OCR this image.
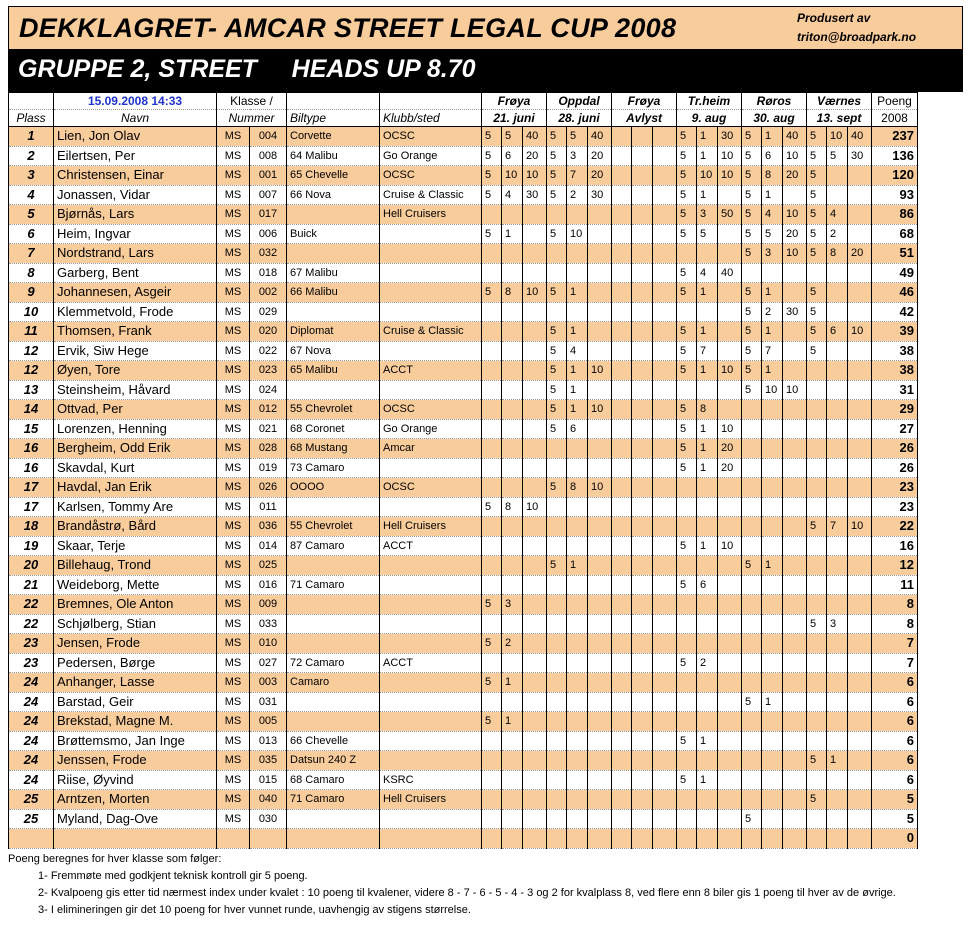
DEKKLAGRET- AMCAR STREET LEGAL CUP 2008	Produsert av
triton@broadpark.no
GRUPPE 2, STREET     HEADS UP 8.70
	15.09.2008 14:33	Klasse /				Frøya			Oppdal			Frøya			Tr.heim			Røros			Værnes			Poeng
Plass	Navn	Nummer		Biltype	Klubb/sted	21. juni			28. juni			Avlyst			9. aug			30. aug			13. sept			2008
1	Lien, Jon Olav	MS	004	Corvette	OCSC	5	5	40	5	5	40				5	1	30	5	1	40	5	10	40	237
2	Eilertsen, Per	MS	008	64 Malibu	Go Orange	5	6	20	5	3	20				5	1	10	5	6	10	5	5	30	136
3	Christensen, Einar	MS	001	65 Chevelle	OCSC	5	10	10	5	7	20				5	10	10	5	8	20	5			120
4	Jonassen, Vidar	MS	007	66 Nova	Cruise & Classic	5	4	30	5	2	30				5	1		5	1		5			93
5	Bjørnås, Lars	MS	017		Hell Cruisers										5	3	50	5	4	10	5	4		86
6	Heim, Ingvar	MS	006	Buick		5	1		5	10					5	5		5	5	20	5	2		68
7	Nordstrand, Lars	MS	032															5	3	10	5	8	20	51
8	Garberg, Bent	MS	018	67 Malibu											5	4	40							49
9	Johannesen, Asgeir	MS	002	66 Malibu		5	8	10	5	1					5	1		5	1		5			46
10	Klemmetvold, Frode	MS	029															5	2	30	5			42
11	Thomsen, Frank	MS	020	Diplomat	Cruise & Classic				5	1					5	1		5	1		5	6	10	39
12	Ervik, Siw Hege	MS	022	67 Nova					5	4					5	7		5	7		5			38
12	Øyen, Tore	MS	023	65 Malibu	ACCT				5	1	10				5	1	10	5	1					38
13	Steinsheim, Håvard	MS	024						5	1								5	10	10				31
14	Ottvad, Per	MS	012	55 Chevrolet	OCSC				5	1	10				5	8								29
15	Lorenzen, Henning	MS	021	68 Coronet	Go Orange				5	6					5	1	10							27
16	Bergheim, Odd Erik	MS	028	68 Mustang	Amcar										5	1	20							26
16	Skavdal, Kurt	MS	019	73 Camaro											5	1	20							26
17	Havdal, Jan Erik	MS	026	OOOO	OCSC				5	8	10													23
17	Karlsen, Tommy Are	MS	011			5	8	10																23
18	Brandåstrø, Bård	MS	036	55 Chevrolet	Hell Cruisers																5	7	10	22
19	Skaar, Terje	MS	014	87 Camaro	ACCT										5	1	10							16
20	Billehaug, Trond	MS	025						5	1								5	1					12
21	Weideborg, Mette	MS	016	71 Camaro											5	6								11
22	Bremnes, Ole Anton	MS	009			5	3																	8
22	Schjølberg, Stian	MS	033																		5	3		8
23	Jensen, Frode	MS	010			5	2																	7
23	Pedersen, Børge	MS	027	72 Camaro	ACCT										5	2								7
24	Anhanger, Lasse	MS	003	Camaro		5	1																	6
24	Barstad, Geir	MS	031															5	1					6
24	Brekstad, Magne M.	MS	005			5	1																	6
24	Brøttemsmo, Jan Inge	MS	013	66 Chevelle											5	1								6
24	Jenssen, Frode	MS	035	Datsun 240 Z																	5	1		6
24	Riise, Øyvind	MS	015	68 Camaro	KSRC										5	1								6
25	Arntzen, Morten	MS	040	71 Camaro	Hell Cruisers																5			5
25	Myland, Dag-Ove	MS	030															5						5
																								0
Poeng beregnes for hver klasse som følger:
1- Fremmøte med godkjent teknisk kontroll gir 5 poeng.
2- Kvalpoeng gis etter tid nærmest index under kvalet : 10 poeng til kvalener, videre 8 - 7 - 6 - 5 - 4 - 3 og 2 for kvalplass 8, ved flere enn 8 biler gis 1 poeng til hver av de øvrige.
3- I elimineringen gir det 10 poeng for hver vunnet runde, uavhengig av stigens størrelse.
